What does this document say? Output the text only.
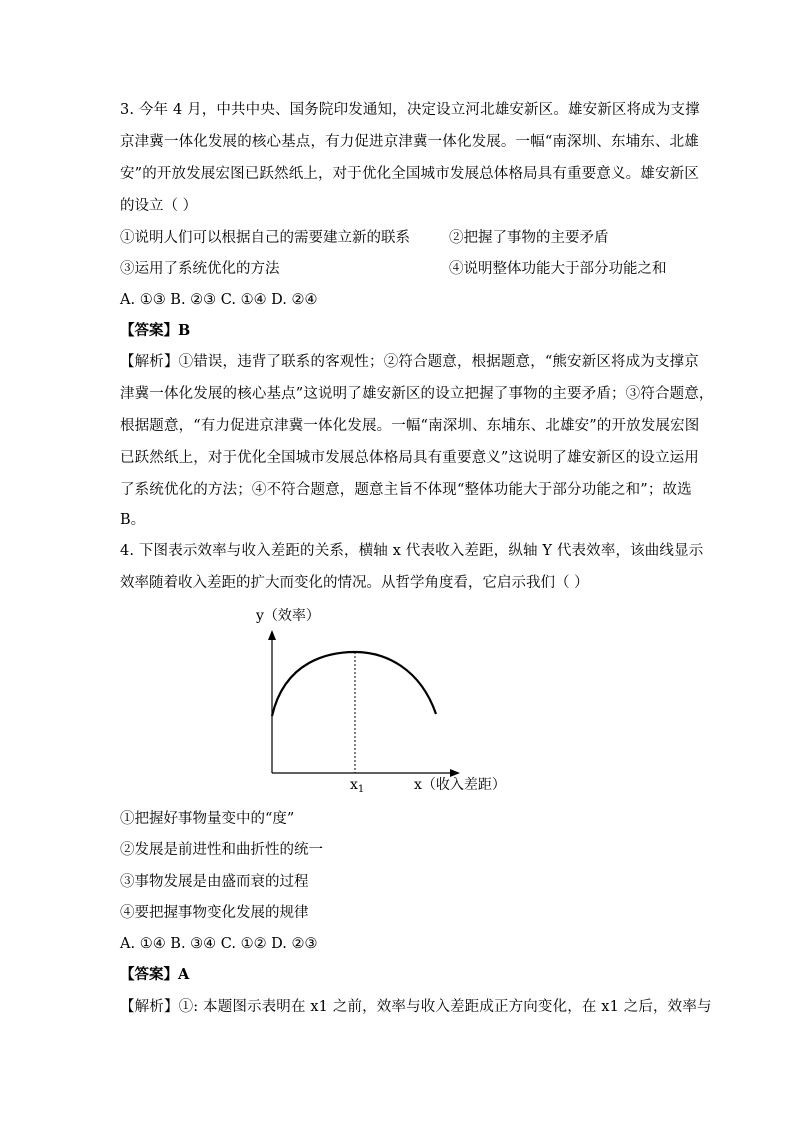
3. 今年 4 月，中共中央、国务院印发通知，决定设立河北雄安新区。雄安新区将成为支撑
京津冀一体化发展的核心基点，有力促进京津冀一体化发展。一幅“南深圳、东埔东、北雄
安”的开放发展宏图已跃然纸上，对于优化全国城市发展总体格局具有重要意义。雄安新区
的设立（ ）
①说明人们可以根据自己的需要建立新的联系	②把握了事物的主要矛盾
③运用了系统优化的方法	④说明整体功能大于部分功能之和
A. ①③ B. ②③ C. ①④ D. ②④
【答案】B
【解析】①错误，违背了联系的客观性；②符合题意，根据题意，“熊安新区将成为支撑京
津冀一体化发展的核心基点”这说明了雄安新区的设立把握了事物的主要矛盾；③符合题意，
根据题意，“有力促进京津冀一体化发展。一幅“南深圳、东埔东、北雄安”的开放发展宏图
已跃然纸上，对于优化全国城市发展总体格局具有重要意义”这说明了雄安新区的设立运用
了系统优化的方法；④不符合题意，题意主旨不体现“整体功能大于部分功能之和”；故选
B。
4. 下图表示效率与收入差距的关系，横轴 x 代表收入差距，纵轴 Y 代表效率，该曲线显示
效率随着收入差距的扩大而变化的情况。从哲学角度看，它启示我们（ ）
y（效率）
x（收入差距）
$x_1$
①把握好事物量变中的“度”
②发展是前进性和曲折性的统一
③事物发展是由盛而衰的过程
④要把握事物变化发展的规律
A. ①④ B. ③④ C. ①② D. ②③
【答案】A
【解析】①: 本题图示表明在 x1 之前，效率与收入差距成正方向变化，在 x1 之后，效率与
